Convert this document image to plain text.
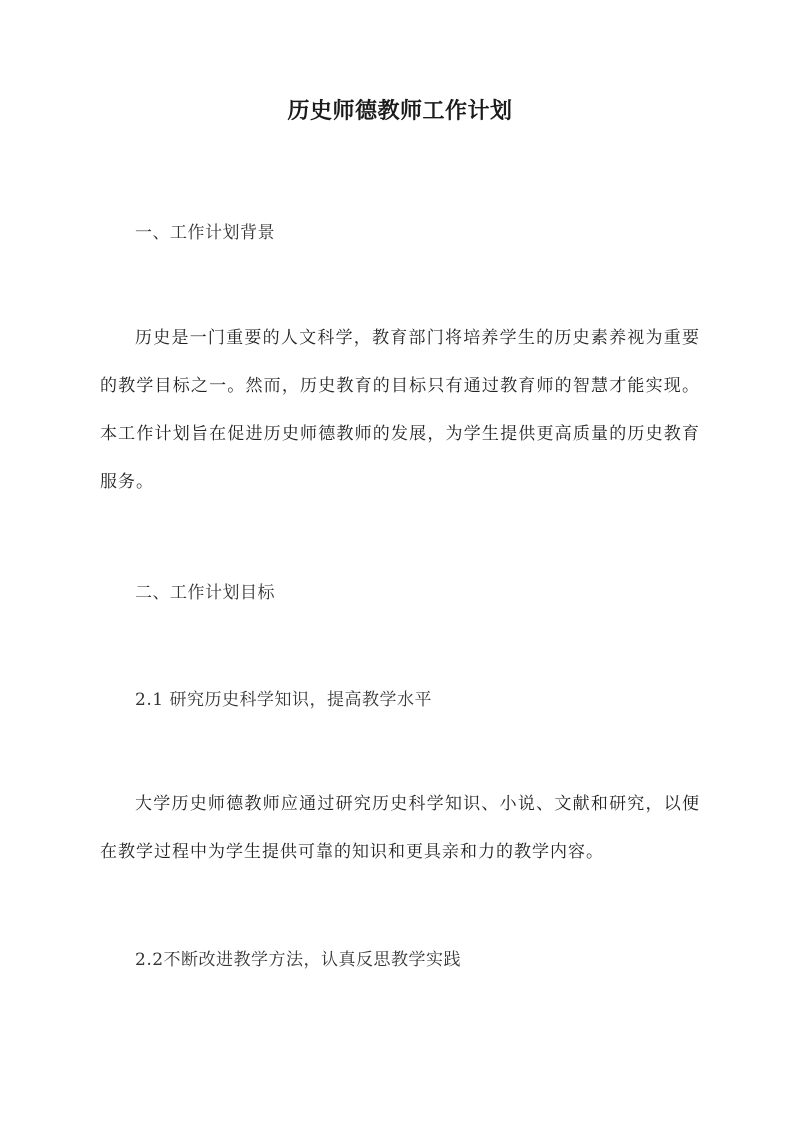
历史师德教师工作计划
一、工作计划背景

历史是一门重要的人文科学，教育部门将培养学生的历史素养视为重要的教学目标之一。然而，历史教育的目标只有通过教育师的智慧才能实现。本工作计划旨在促进历史师德教师的发展，为学生提供更高质量的历史教育服务。

二、工作计划目标
2.1 研究历史科学知识，提高教学水平

大学历史师德教师应通过研究历史科学知识、小说、文献和研究，以便在教学过程中为学生提供可靠的知识和更具亲和力的教学内容。

2.2不断改进教学方法，认真反思教学实践
